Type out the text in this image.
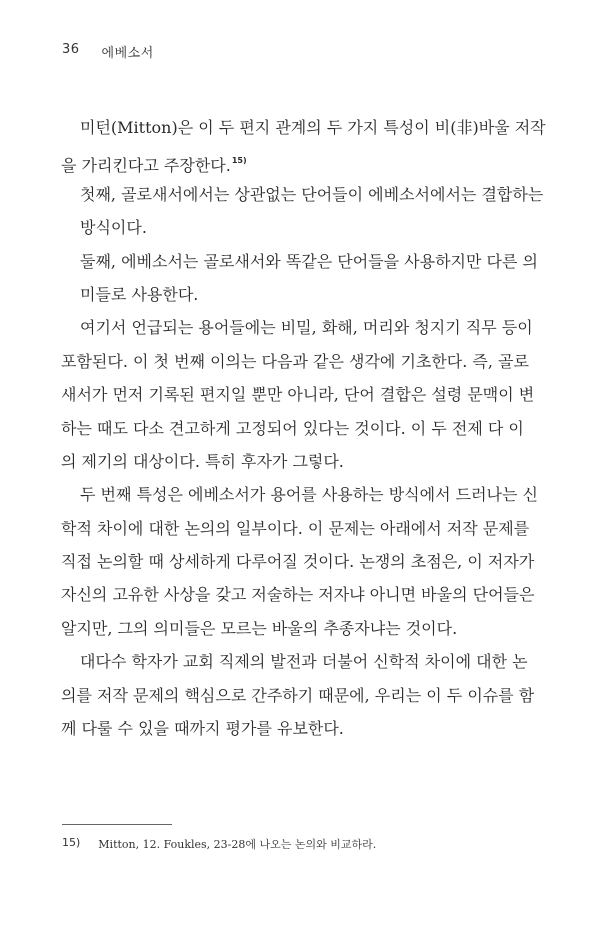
36 에베소서
미턴(Mitton)은 이 두 편지 관계의 두 가지 특성이 비(非)바울 저작
을 가리킨다고 주장한다.$^{15)}$
첫째, 골로새서에서는 상관없는 단어들이 에베소서에서는 결합하는
방식이다.
둘째, 에베소서는 골로새서와 똑같은 단어들을 사용하지만 다른 의
미들로 사용한다.
여기서 언급되는 용어들에는 비밀, 화해, 머리와 청지기 직무 등이
포함된다. 이 첫 번째 이의는 다음과 같은 생각에 기초한다. 즉, 골로
새서가 먼저 기록된 편지일 뿐만 아니라, 단어 결합은 설령 문맥이 변
하는 때도 다소 견고하게 고정되어 있다는 것이다. 이 두 전제 다 이
의 제기의 대상이다. 특히 후자가 그렇다.
두 번째 특성은 에베소서가 용어를 사용하는 방식에서 드러나는 신
학적 차이에 대한 논의의 일부이다. 이 문제는 아래에서 저작 문제를
직접 논의할 때 상세하게 다루어질 것이다. 논쟁의 초점은, 이 저자가
자신의 고유한 사상을 갖고 저술하는 저자냐 아니면 바울의 단어들은
알지만, 그의 의미들은 모르는 바울의 추종자냐는 것이다.
대다수 학자가 교회 직제의 발전과 더불어 신학적 차이에 대한 논
의를 저작 문제의 핵심으로 간주하기 때문에, 우리는 이 두 이슈를 함
께 다룰 수 있을 때까지 평가를 유보한다.
15) Mitton, 12. Foukles, 23-28에 나오는 논의와 비교하라.
